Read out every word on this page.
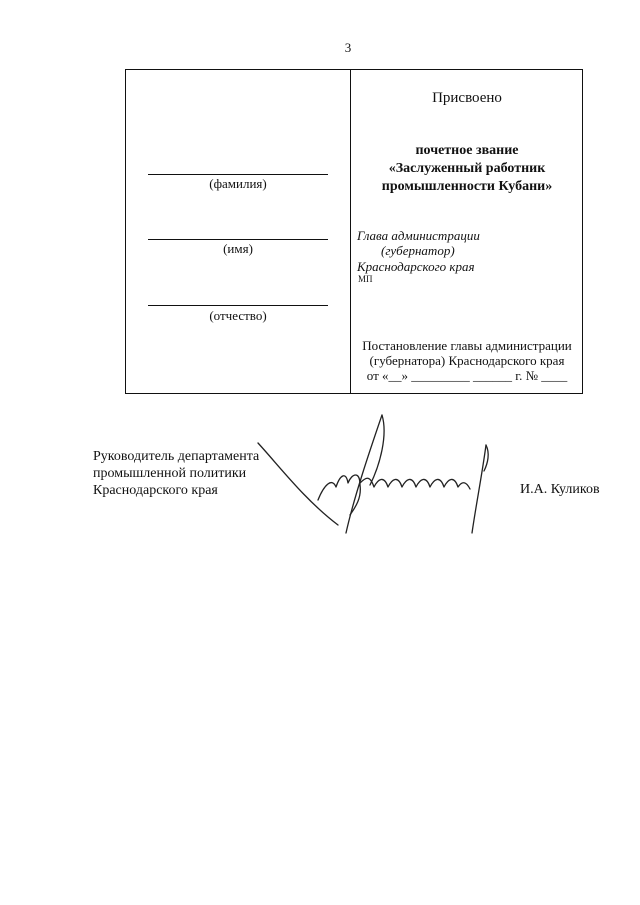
3
(фамилия)
(имя)
(отчество)
Присвоено
почетное звание
«Заслуженный работник
промышленности Кубани»
Глава администрации
(губернатор)
Краснодарского края
МП
Постановление главы администрации
(губернатора) Краснодарского края
от «__» _________ ______ г. № ____
Руководитель департамента
промышленной политики
Краснодарского края	И.А. Куликов
